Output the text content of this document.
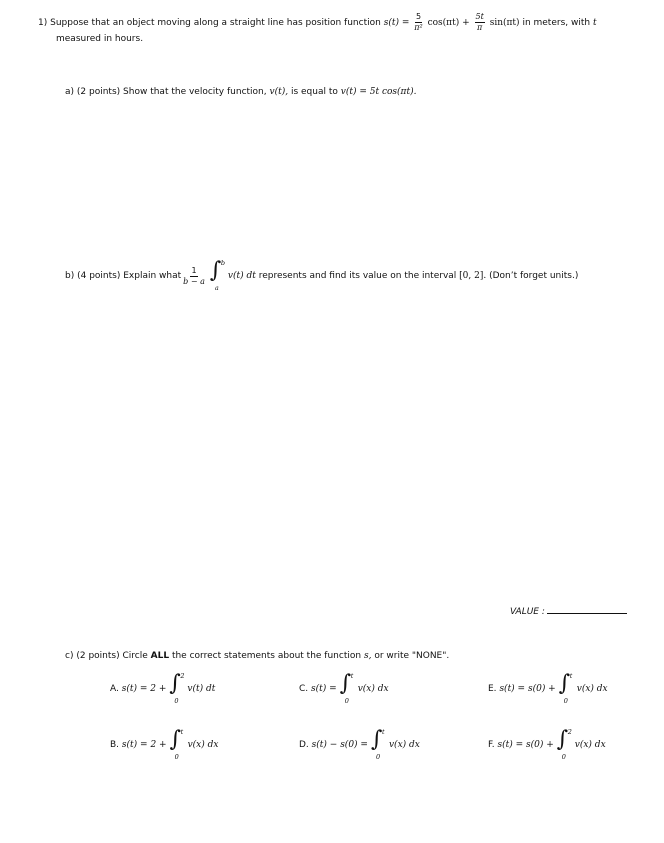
1) Suppose that an object moving along a straight line has position function $s(t) = \frac{5}{\text{π²}} \cos(\pi t) + \frac{5t}{\pi} \sin(\pi t)$ in meters, with t
measured in hours.
a) (2 points) Show that the velocity function, v(t), is equal to v(t) = 5t cos(πt).
b)
(4 points)
Explain what $\frac{1}{b - a}$ ∫ b
a
v(t) dt
represents and find its value on the interval
[0, 2].
(Don’t forget units.)
VALUE :
c) (2 points) Circle ALL the correct statements about the function s, or write "NONE".
A.
s(t) = 2 + ∫ 2
0
v(t) dt
B.
s(t) = 2 + ∫ t
0
v(x) dx
C.
s(t) = ∫ t
0
v(x) dx
D.
s(t) − s(0) = ∫ t
0
v(x) dx
E.
s(t) = s(0) + ∫ t
0
v(x) dx
F.
s(t) = s(0) + ∫ 2
0
v(x) dx
